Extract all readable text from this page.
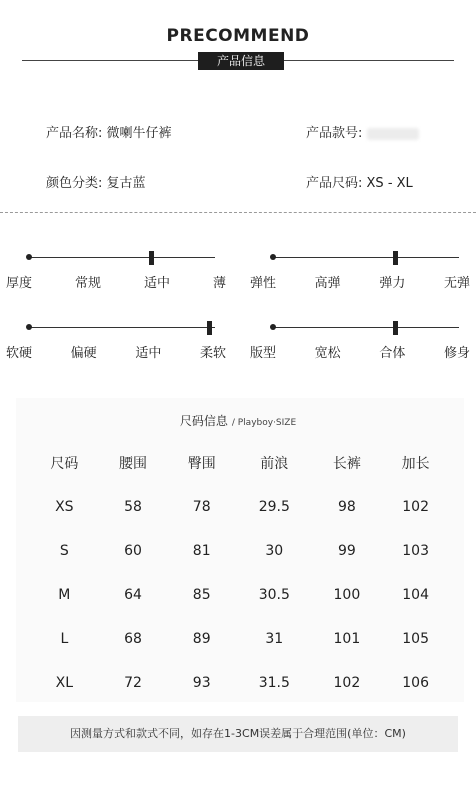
PRECOMMEND
产品信息
产品名称: 微喇牛仔裤	产品款号:
颜色分类: 复古蓝	产品尺码: XS - XL
厚度	常规	适中	薄 弹性	高弹	弹力	无弹
软硬	偏硬	适中	柔软 版型	宽松	合体	修身
尺码信息 / Playboy·SIZE
尺码	腰围	臀围	前浪	长裤	加长
XS	58	78	29.5	98	102
S	60	81	30	99	103
M	64	85	30.5	100	104
L	68	89	31	101	105
XL	72	93	31.5	102	106
因测量方式和款式不同，如存在1-3CM误差属于合理范围(单位：CM)
